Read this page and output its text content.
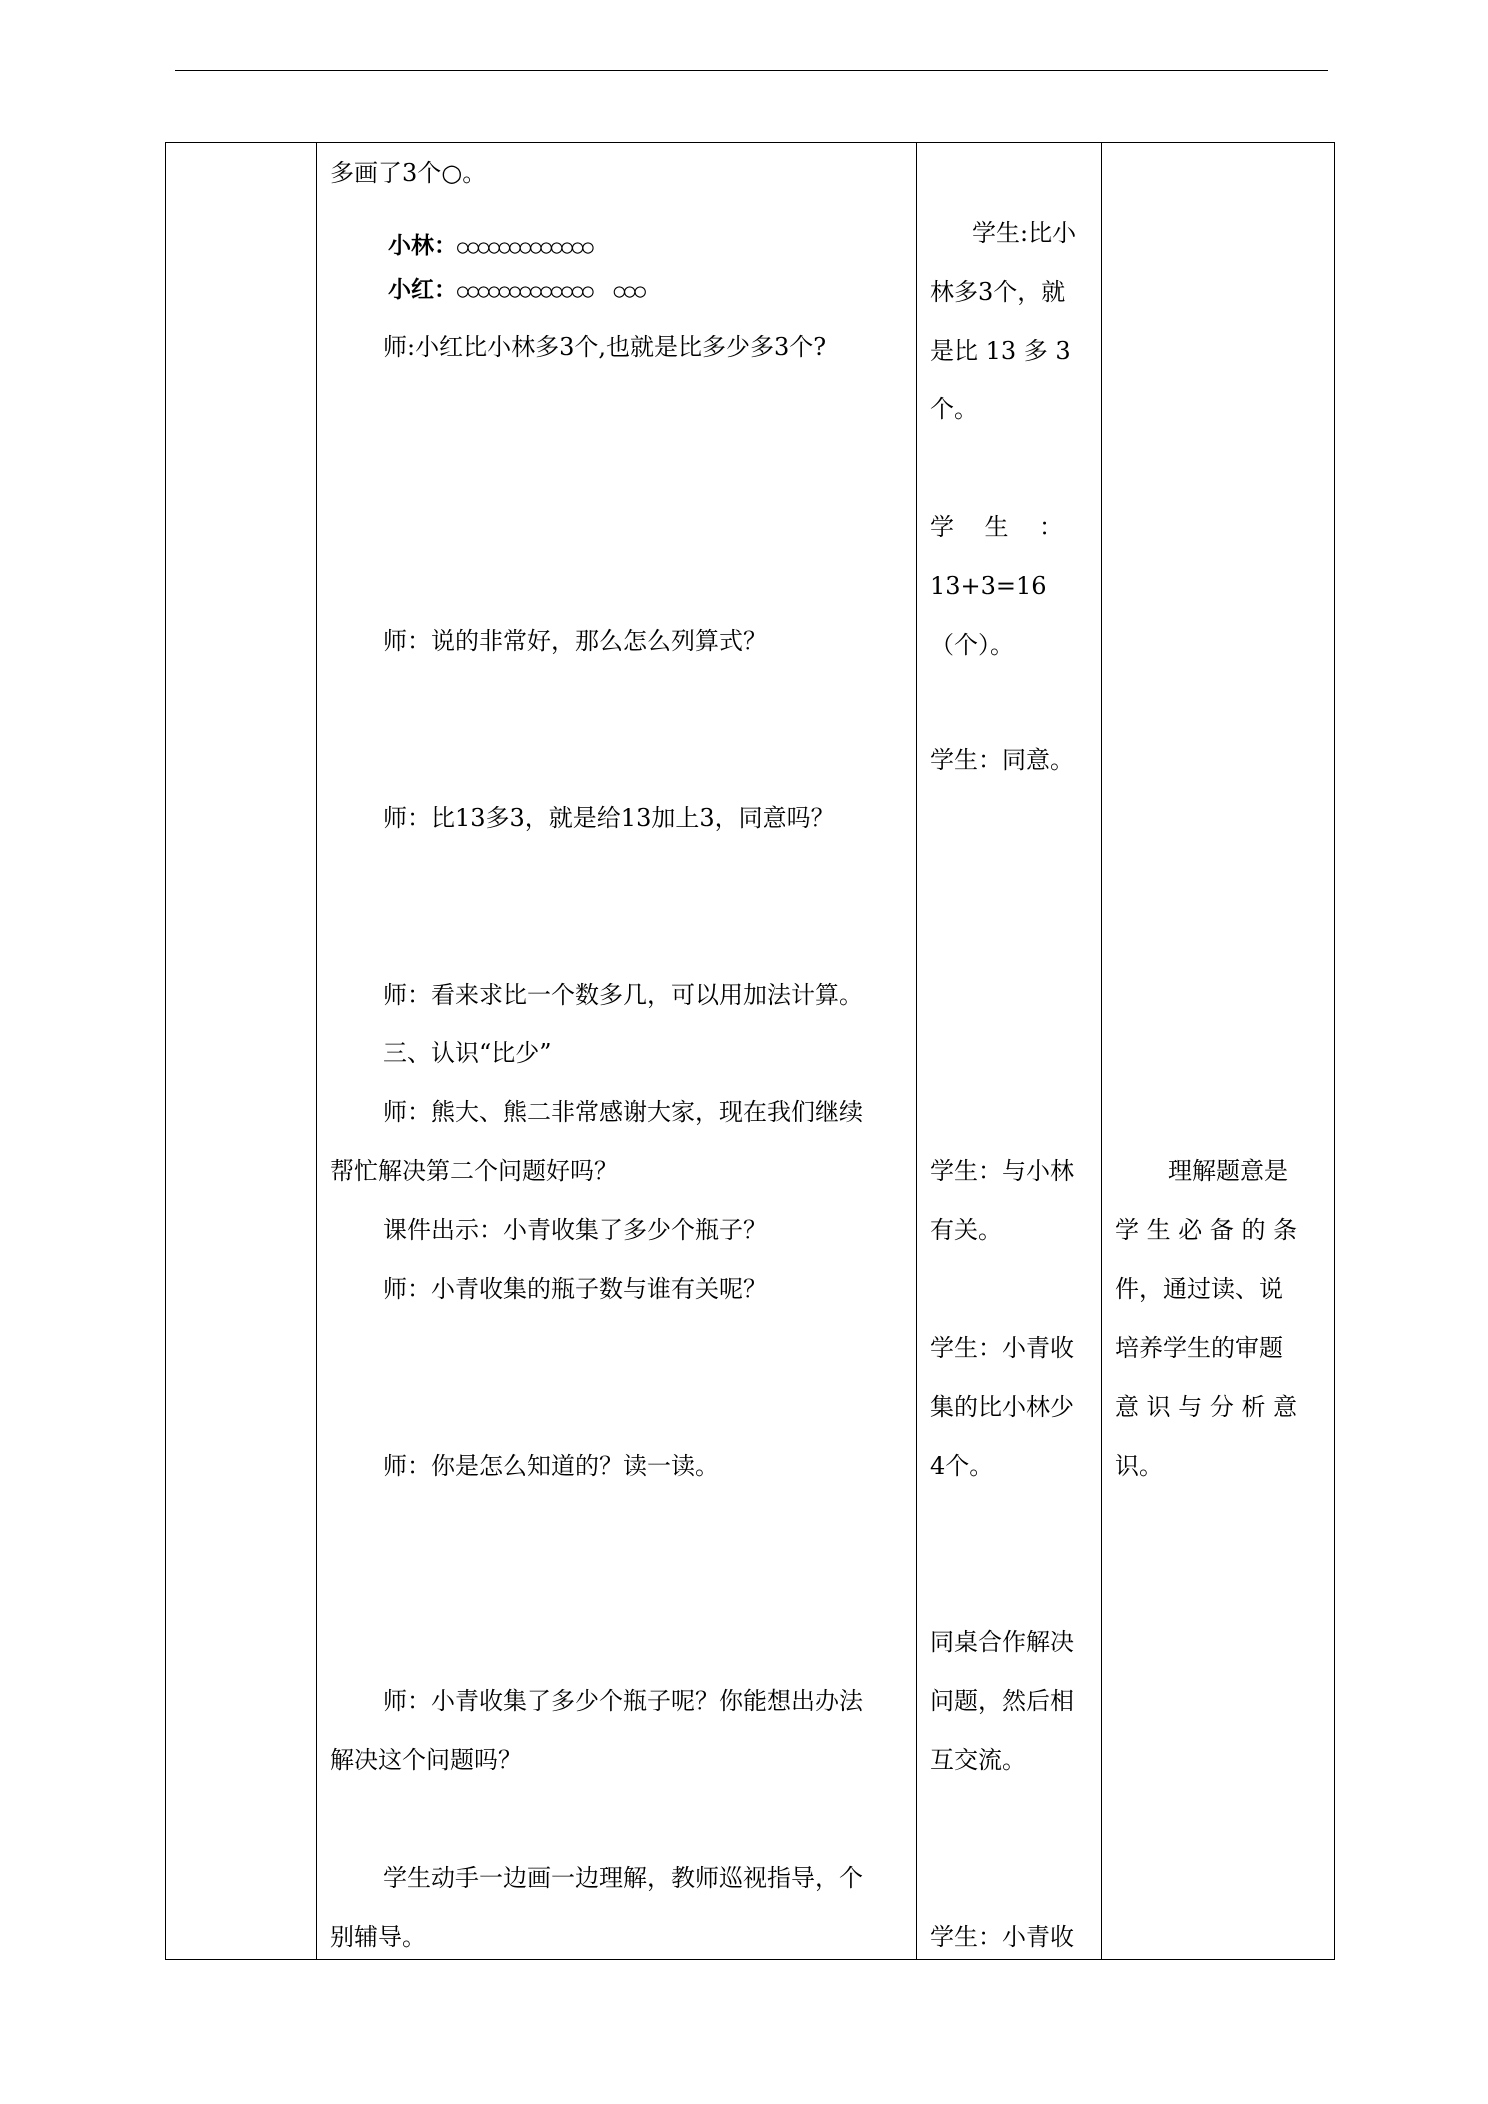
多画了3个○。
小林：○○○○○○○○○○○○○
小红：○○○○○○○○○○○○○  ○○○
师:小红比小林多3个,也就是比多少多3个?
师：说的非常好，那么怎么列算式？
师：比13多3，就是给13加上3，同意吗？
师：看来求比一个数多几，可以用加法计算。
三、认识“比少”
师：熊大、熊二非常感谢大家，现在我们继续
帮忙解决第二个问题好吗？
课件出示：小青收集了多少个瓶子？
师：小青收集的瓶子数与谁有关呢？
师：你是怎么知道的？读一读。
师：小青收集了多少个瓶子呢？你能想出办法
解决这个问题吗？
学生动手一边画一边理解，教师巡视指导，个
别辅导。
学生:比小
林多3个，就
是比 13 多 3
个。
学    生    ：
13+3=16
（个）。
学生：同意。
学生：与小林
有关。
学生：小青收
集的比小林少
4个。
同桌合作解决
问题，然后相
互交流。
学生：小青收
理解题意是
学 生 必 备 的 条
件，通过读、说
培养学生的审题
意 识 与 分 析 意
识。
